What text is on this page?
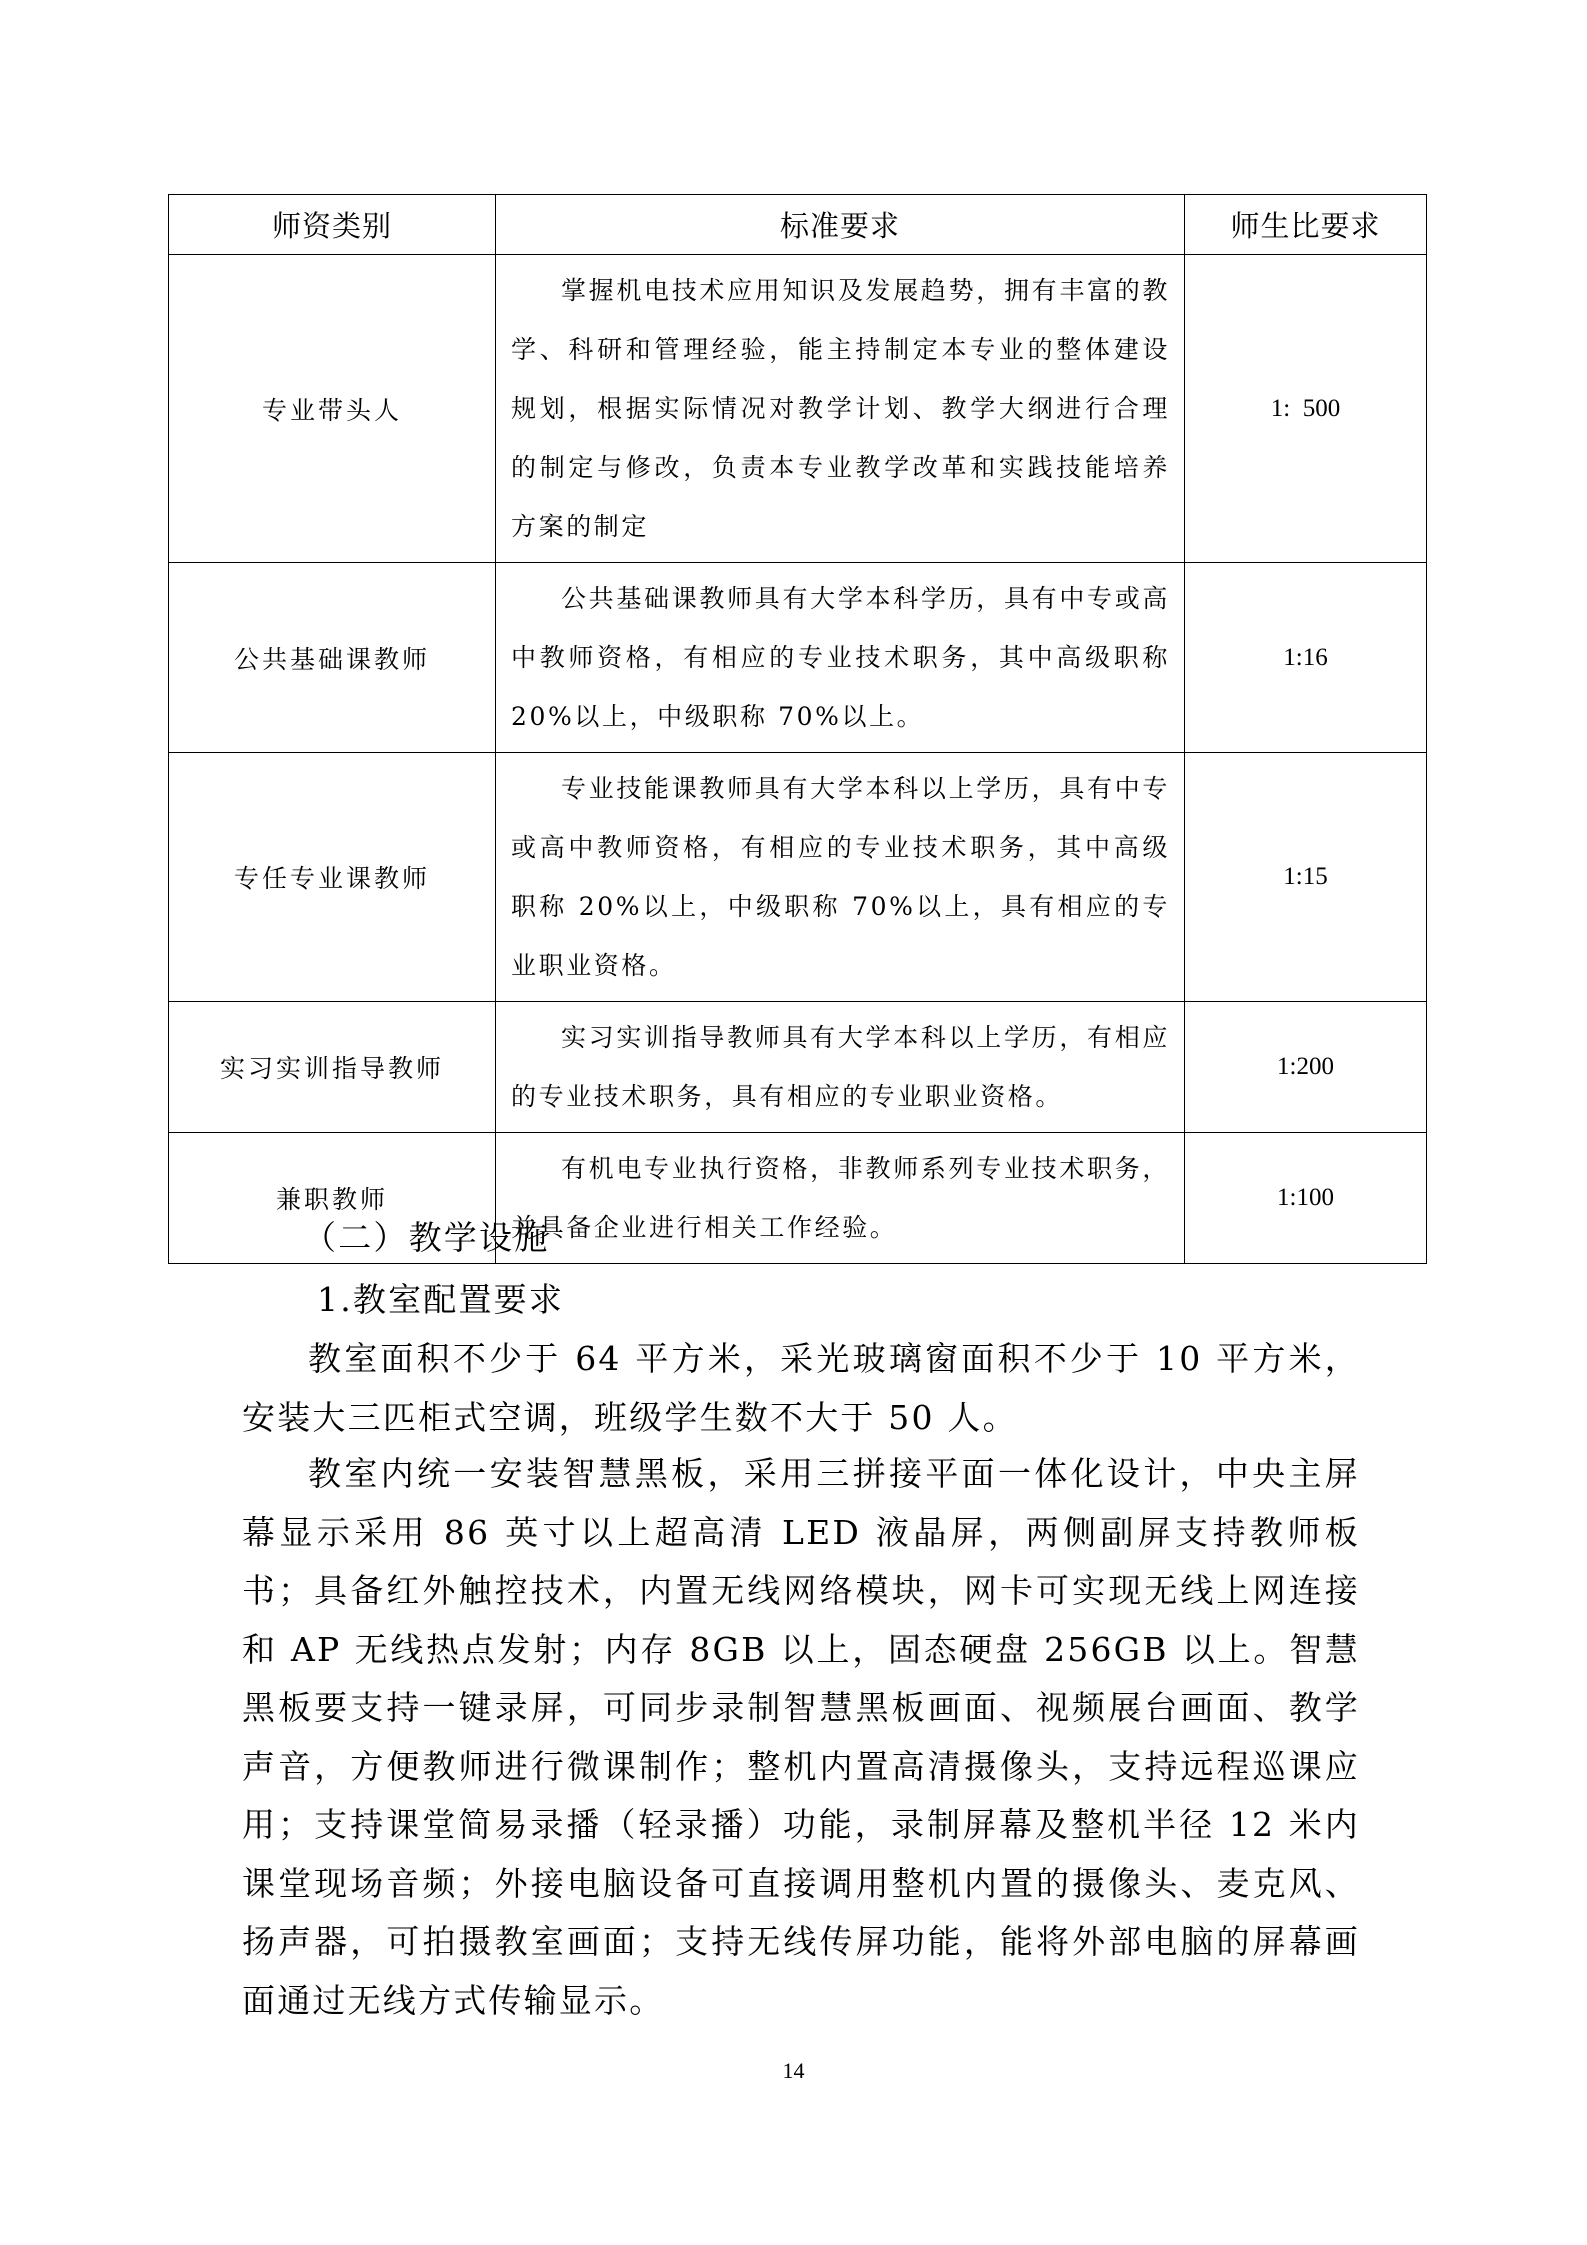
师资类别	标准要求	师生比要求
专业带头人	掌握机电技术应用知识及发展趋势，拥有丰富的教学、科研和管理经验，能主持制定本专业的整体建设规划，根据实际情况对教学计划、教学大纲进行合理的制定与修改，负责本专业教学改革和实践技能培养方案的制定	1:  500
公共基础课教师	公共基础课教师具有大学本科学历，具有中专或高中教师资格，有相应的专业技术职务，其中高级职称 20%以上，中级职称 70%以上。	1:16
专任专业课教师	专业技能课教师具有大学本科以上学历，具有中专或高中教师资格，有相应的专业技术职务，其中高级职称 20%以上，中级职称 70%以上，具有相应的专业职业资格。	1:15
实习实训指导教师	实习实训指导教师具有大学本科以上学历，有相应的专业技术职务，具有相应的专业职业资格。	1:200
兼职教师	有机电专业执行资格，非教师系列专业技术职务，并具备企业进行相关工作经验。	1:100
（二）教学设施
1.教室配置要求
教室面积不少于 64 平方米，采光玻璃窗面积不少于 10 平方米，安装大三匹柜式空调，班级学生数不大于 50 人。
教室内统一安装智慧黑板，采用三拼接平面一体化设计，中央主屏幕显示采用 86 英寸以上超高清 LED 液晶屏，两侧副屏支持教师板书；具备红外触控技术，内置无线网络模块，网卡可实现无线上网连接和 AP 无线热点发射；内存 8GB 以上，固态硬盘 256GB 以上。智慧黑板要支持一键录屏，可同步录制智慧黑板画面、视频展台画面、教学声音，方便教师进行微课制作；整机内置高清摄像头，支持远程巡课应用；支持课堂简易录播（轻录播）功能，录制屏幕及整机半径 12 米内课堂现场音频；外接电脑设备可直接调用整机内置的摄像头、麦克风、扬声器，可拍摄教室画面；支持无线传屏功能，能将外部电脑的屏幕画面通过无线方式传输显示。
14
